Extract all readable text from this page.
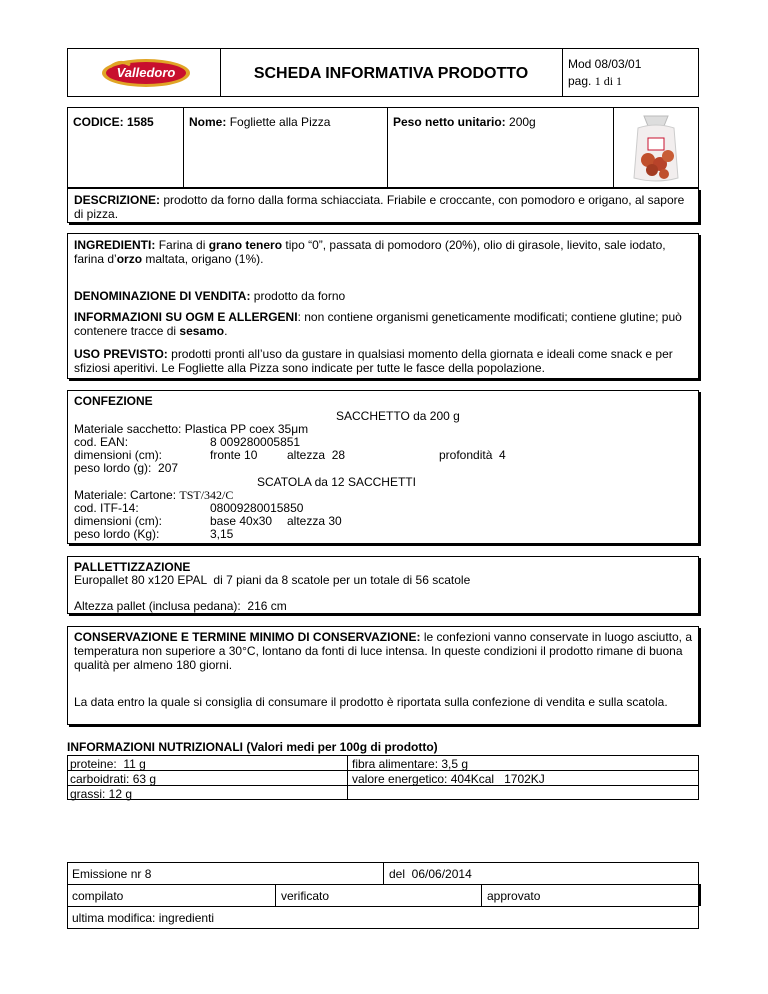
Valledoro	SCHEDA INFORMATIVA PRODOTTO
Mod 08/03/01
pag. 1 di 1
CODICE: 1585	Nome: Fogliette alla Pizza	Peso netto unitario: 200g
DESCRIZIONE: prodotto da forno dalla forma schiacciata. Friabile e croccante, con pomodoro e origano, al sapore di pizza.
INGREDIENTI: Farina di grano tenero tipo “0”, passata di pomodoro (20%), olio di girasole, lievito, sale iodato, farina d’orzo maltata, origano (1%).
DENOMINAZIONE DI VENDITA: prodotto da forno
INFORMAZIONI SU OGM E ALLERGENI: non contiene organismi geneticamente modificati; contiene glutine; può contenere tracce di sesamo.
USO PREVISTO: prodotti pronti all’uso da gustare in qualsiasi momento della giornata e ideali come snack e per sfiziosi aperitivi. Le Fogliette alla Pizza sono indicate per tutte le fasce della popolazione.
CONFEZIONE
SACCHETTO da 200 g
Materiale sacchetto: Plastica PP coex 35μm
cod. EAN:	8 009280005851
dimensioni (cm):	fronte 10 altezza  28	profondità  4
peso lordo (g):  207
SCATOLA da 12 SACCHETTI
Materiale: Cartone: TST/342/C
cod. ITF-14:	08009280015850
dimensioni (cm):	base 40x30 altezza 30
peso lordo (Kg):	3,15
PALLETTIZZAZIONE
Europallet 80 x120 EPAL  di 7 piani da 8 scatole per un totale di 56 scatole
Altezza pallet (inclusa pedana):  216 cm
CONSERVAZIONE E TERMINE MINIMO DI CONSERVAZIONE: le confezioni vanno conservate in luogo asciutto, a temperatura non superiore a 30°C, lontano da fonti di luce intensa. In queste condizioni il prodotto rimane di buona qualità per almeno 180 giorni.
La data entro la quale si consiglia di consumare il prodotto è riportata sulla confezione di vendita e sulla scatola.
INFORMAZIONI NUTRIZIONALI (Valori medi per 100g di prodotto)
proteine:  11 g	fibra alimentare: 3,5 g
carboidrati: 63 g	valore energetico: 404Kcal   1702KJ
grassi: 12 g
Emissione nr 8	del  06/06/2014
compilato	verificato	approvato
ultima modifica: ingredienti
